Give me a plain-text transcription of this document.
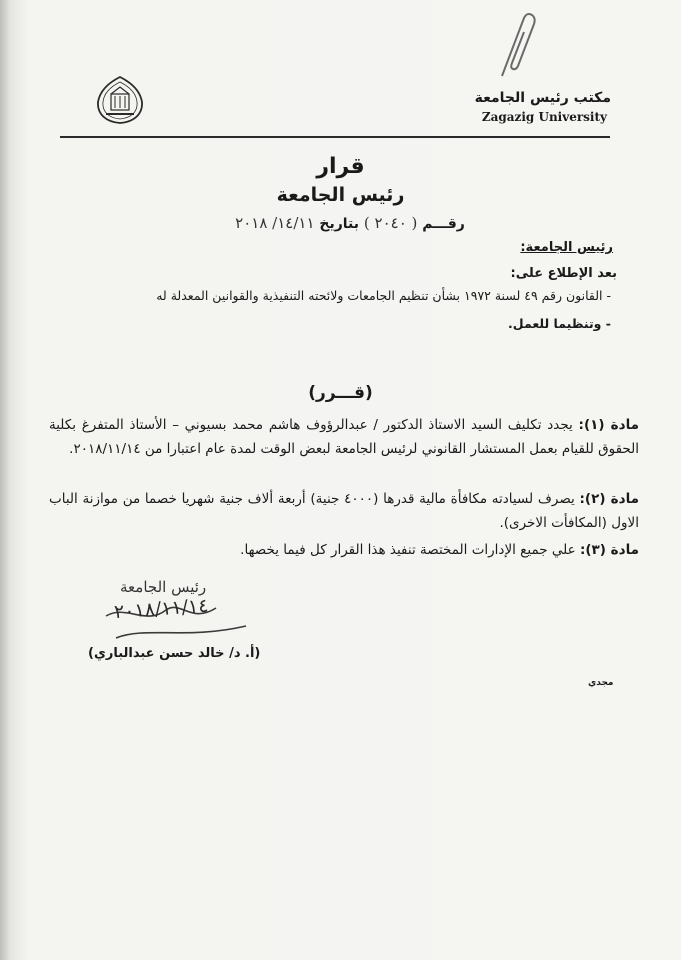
مكتب رئيس الجامعة
Zagazig University
قرار
رئيس الجامعة
رقـــم ( ٢٠٤٠ ) بتاريخ ١٤/١١/ ٢٠١٨
رئيس الجامعة:
بعد الإطلاع على:
- القانون رقم ٤٩ لسنة ١٩٧٢ بشأن تنظيم الجامعات ولائحته التنفيذية والقوانين المعدلة له
- وتنظيما للعمل.
(قـــرر)
مادة (١): يجدد تكليف السيد الاستاذ الدكتور / عبدالرؤوف هاشم محمد بسيوني – الأستاذ المتفرغ بكلية الحقوق للقيام بعمل المستشار القانوني لرئيس الجامعة لبعض الوقت لمدة عام اعتبارا من ٢٠١٨/١١/١٤.
مادة (٢): يصرف لسيادته مكافأة مالية قدرها (٤٠٠٠ جنية) أربعة ألاف جنية شهريا خصما من موازنة الباب الاول (المكافأت الاخرى).
مادة (٣): علي جميع الإدارات المختصة تنفيذ هذا القرار كل فيما يخصها.
رئيس الجامعة
٢٠١٨/١١/١٤
(أ. د/ خالد حسن عبدالباري)
مجدي
